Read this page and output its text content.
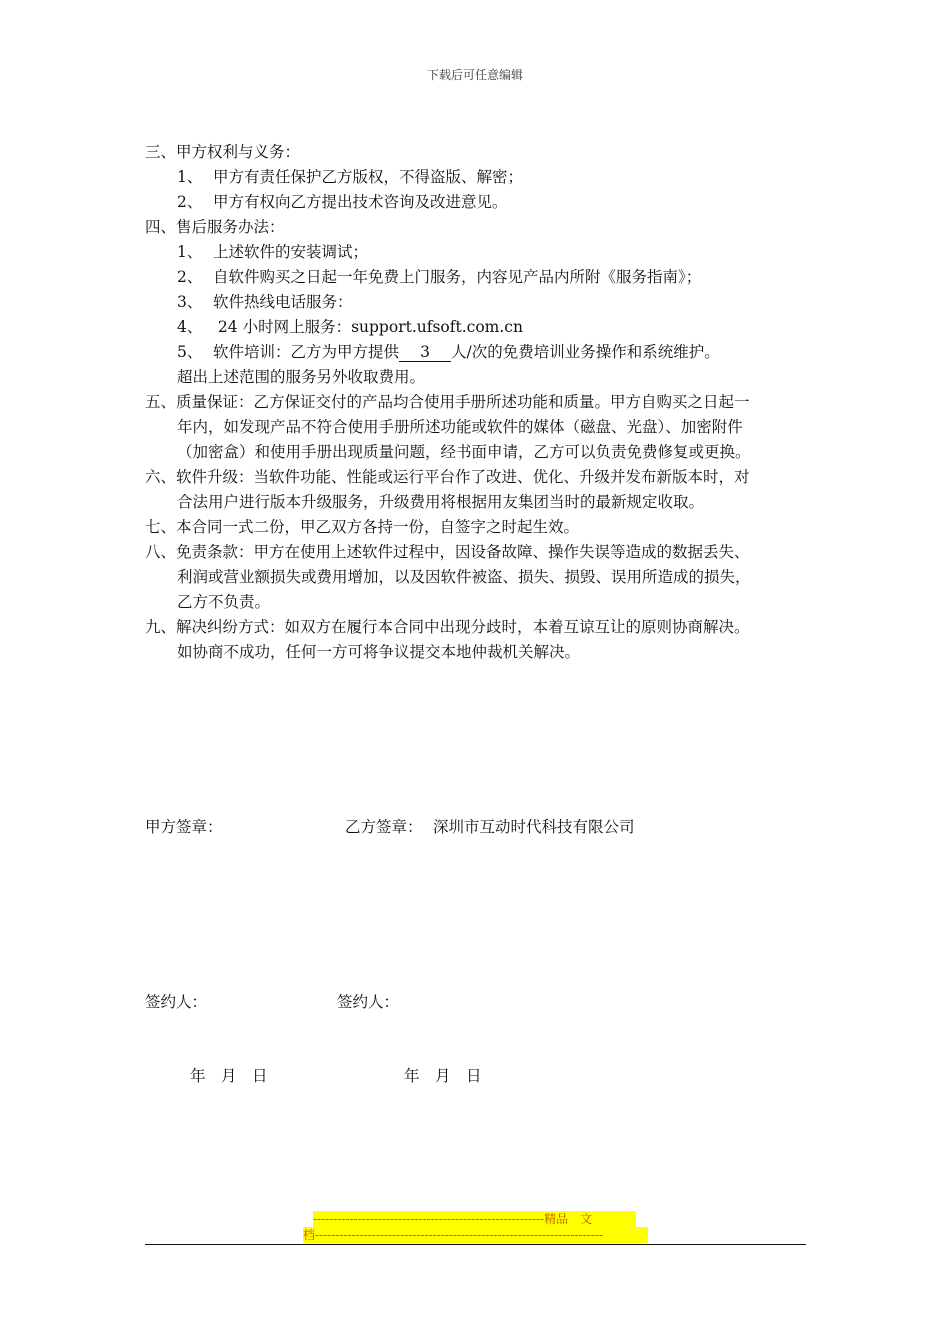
下载后可任意编辑
三、甲方权利与义务：
1、 甲方有责任保护乙方版权，不得盗版、解密；
2、 甲方有权向乙方提出技术咨询及改进意见。
四、售后服务办法：
1、 上述软件的安装调试；
2、 自软件购买之日起一年免费上门服务，内容见产品内所附《服务指南》；
3、 软件热线电话服务：
4、 24 小时网上服务：support.ufsoft.com.cn
5、 软件培训：乙方为甲方提供 3 人/次的免费培训业务操作和系统维护。
超出上述范围的服务另外收取费用。
五、质量保证：乙方保证交付的产品均合使用手册所述功能和质量。甲方自购买之日起一
年内，如发现产品不符合使用手册所述功能或软件的媒体（磁盘、光盘）、加密附件
（加密盒）和使用手册出现质量问题，经书面申请，乙方可以负责免费修复或更换。
六、软件升级：当软件功能、性能或运行平台作了改进、优化、升级并发布新版本时，对
合法用户进行版本升级服务，升级费用将根据用友集团当时的最新规定收取。
七、本合同一式二份，甲乙双方各持一份，自签字之时起生效。
八、免责条款：甲方在使用上述软件过程中，因设备故障、操作失误等造成的数据丢失、
利润或营业额损失或费用增加，以及因软件被盗、损失、损毁、误用所造成的损失，
乙方不负责。
九、解决纠纷方式：如双方在履行本合同中出现分歧时，本着互谅互让的原则协商解决。
如协商不成功，任何一方可将争议提交本地仲裁机关解决。
甲方签章：	乙方签章： 深圳市互动时代科技有限公司
签约人：	签约人：
年　月　日	年　月　日
---------------------------------------------------------精品　文
档-----------------------------------------------------------------------
